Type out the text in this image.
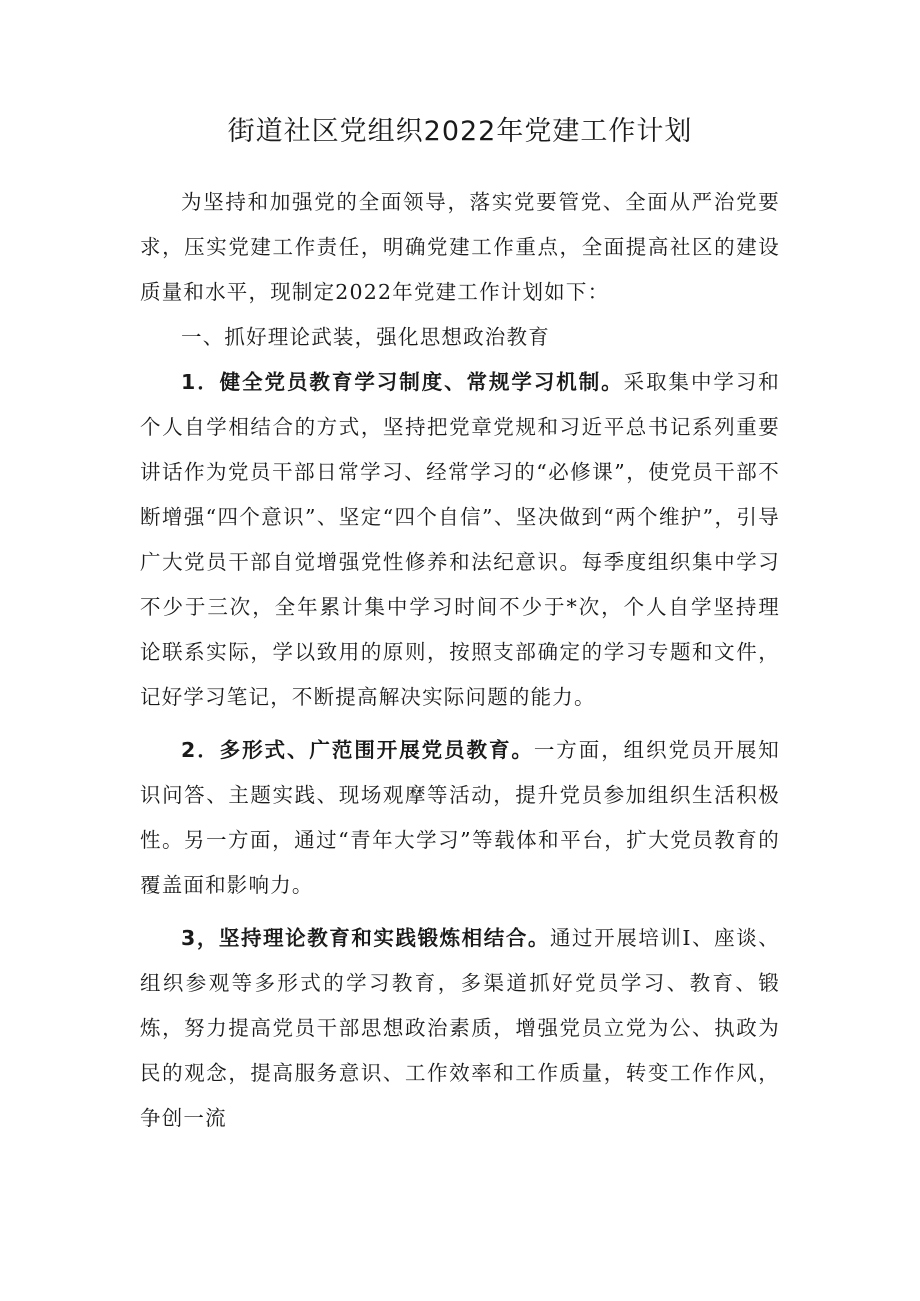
街道社区党组织2022年党建工作计划

为坚持和加强党的全面领导，落实党要管党、全面从严治党要求，压实党建工作责任，明确党建工作重点，全面提高社区的建设质量和水平，现制定2022年党建工作计划如下：

一、抓好理论武装，强化思想政治教育

1．健全党员教育学习制度、常规学习机制。采取集中学习和个人自学相结合的方式，坚持把党章党规和习近平总书记系列重要讲话作为党员干部日常学习、经常学习的“必修课”，使党员干部不断增强“四个意识”、坚定“四个自信”、坚决做到“两个维护”，引导广大党员干部自觉增强党性修养和法纪意识。每季度组织集中学习不少于三次，全年累计集中学习时间不少于*次，个人自学坚持理论联系实际，学以致用的原则，按照支部确定的学习专题和文件，记好学习笔记，不断提高解决实际问题的能力。

2．多形式、广范围开展党员教育。一方面，组织党员开展知识问答、主题实践、现场观摩等活动，提升党员参加组织生活积极性。另一方面，通过“青年大学习”等载体和平台，扩大党员教育的覆盖面和影响力。

3，坚持理论教育和实践锻炼相结合。通过开展培训Ⅰ、座谈、组织参观等多形式的学习教育，多渠道抓好党员学习、教育、锻炼，努力提高党员干部思想政治素质，增强党员立党为公、执政为民的观念，提高服务意识、工作效率和工作质量，转变工作作风，争创一流
